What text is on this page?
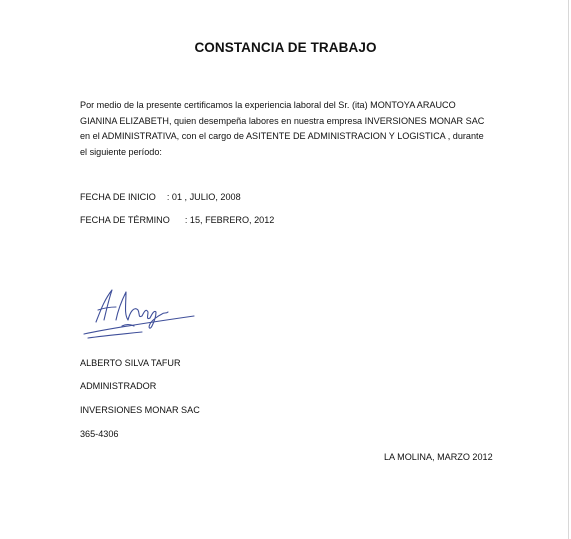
CONSTANCIA DE TRABAJO
Por medio de la presente certificamos la experiencia laboral del Sr. (ita) MONTOYA ARAUCO GIANINA ELIZABETH, quien desempeña labores en nuestra empresa INVERSIONES MONAR SAC en el ADMINISTRATIVA, con el cargo de ASITENTE DE ADMINISTRACION Y LOGISTICA , durante el siguiente período:
FECHA DE INICIO : 01 , JULIO, 2008
FECHA DE TÉRMINO : 15, FEBRERO, 2012
ALBERTO SILVA TAFUR
ADMINISTRADOR
INVERSIONES MONAR SAC
365-4306
LA MOLINA, MARZO 2012
